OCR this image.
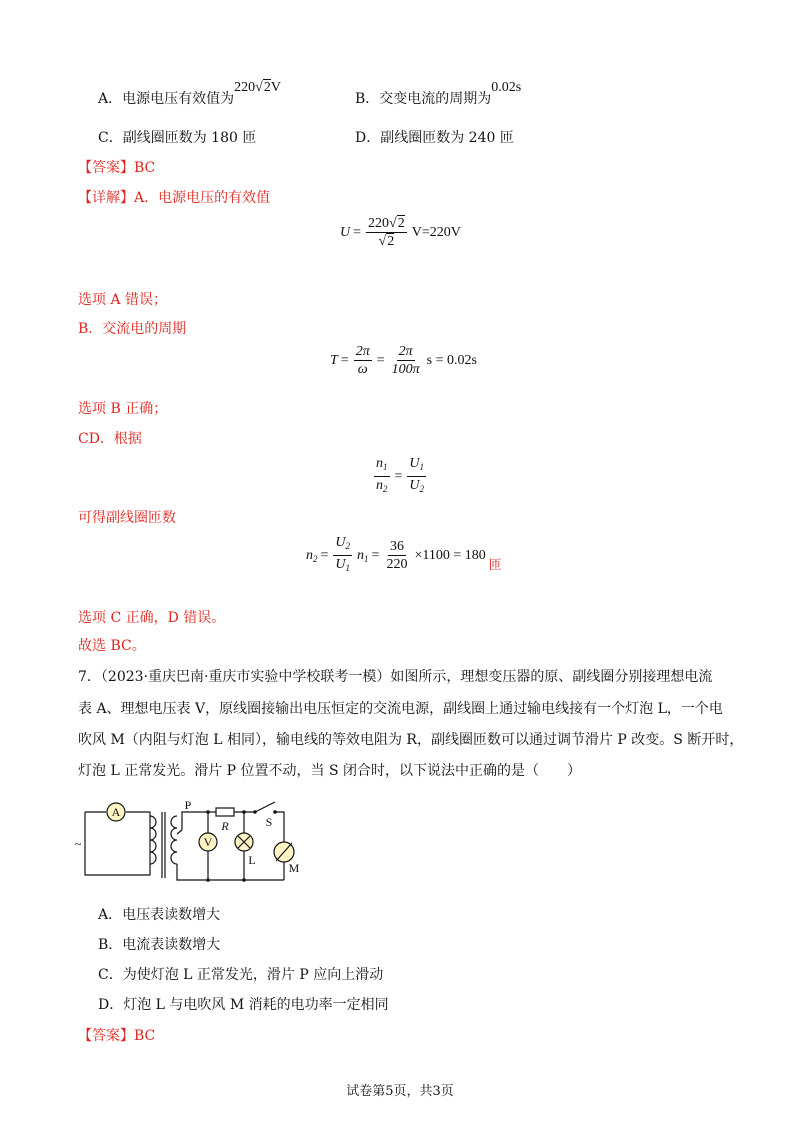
A．电源电压有效值为220√2V
B．交变电流的周期为0.02s
C．副线圈匝数为 180 匝	D．副线圈匝数为 240 匝
【答案】BC
【详解】A．电源电压的有效值
$U = \frac{220√2}{√2} V=220V$
选项 A 错误；
B．交流电的周期
$T = \frac{2\pi}{\omega} = \frac{2\pi}{100\pi}$ s = 0.02s
选项 B 正确；
CD．根据
$\frac{n_1}{n_2} = \frac{U_1}{U_2}$
可得副线圈匝数
$n_2 = \frac{U_2}{U_1} n_1 = \frac{36}{220} \times 1100 = 180$
匝
选项 C 正确，D 错误。
故选 BC。
7．（2023·重庆巴南·重庆市实验中学校联考一模）如图所示，理想变压器的原、副线圈分别接理想电流
表 A、理想电压表 V，原线圈接输出电压恒定的交流电源，副线圈上通过输电线接有一个灯泡 L，一个电
吹风 M（内阻与灯泡 L 相同），输电线的等效电阻为 R，副线圈匝数可以通过调节滑片 P 改变。S 断开时，
灯泡 L 正常发光。滑片 P 位置不动，当 S 闭合时，以下说法中正确的是（　　）
A
V
P
R	S
L
M
~
A．电压表读数增大
B．电流表读数增大
C．为使灯泡 L 正常发光，滑片 P 应向上滑动
D．灯泡 L 与电吹风 M 消耗的电功率一定相同
【答案】BC
试卷第5页，共3页
